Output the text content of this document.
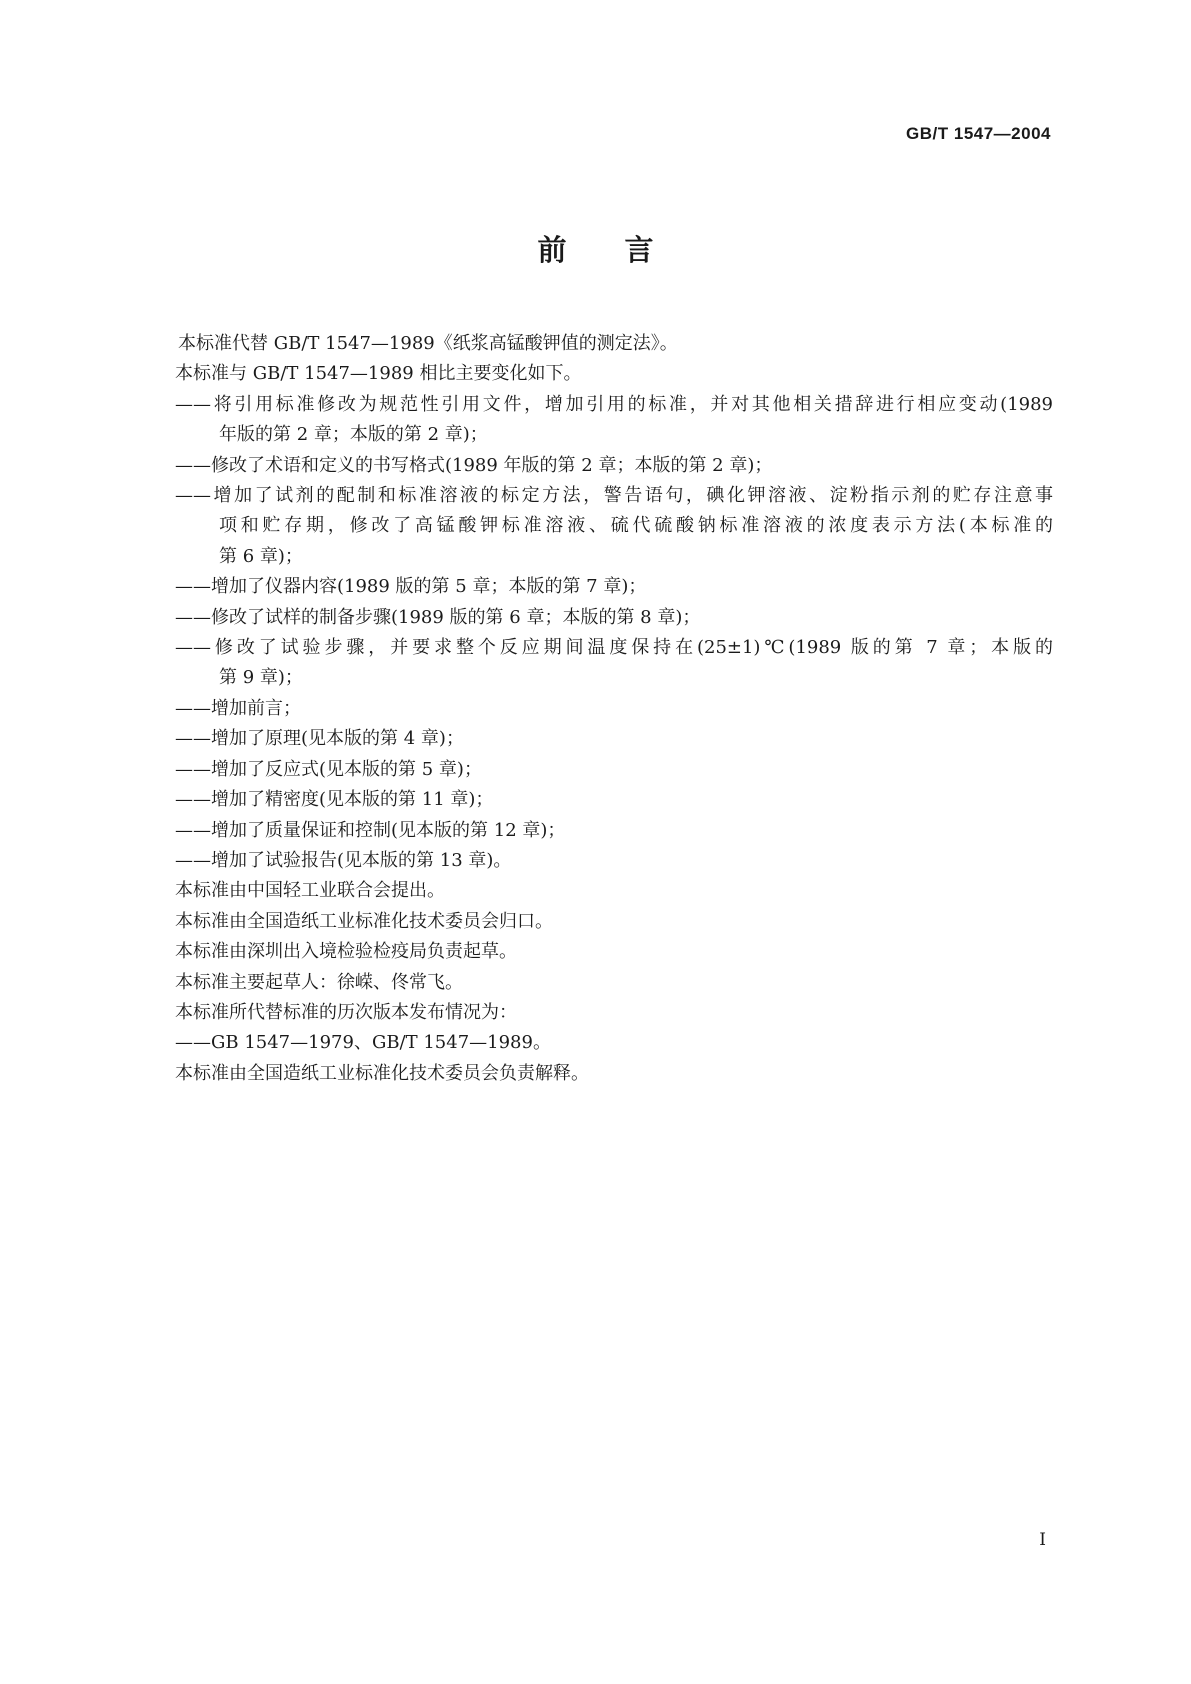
GB/T 1547—2004
前言

本标准代替 GB/T 1547—1989《纸浆高锰酸钾值的测定法》。

本标准与 GB/T 1547—1989 相比主要变化如下。

——将引用标准修改为规范性引用文件，增加引用的标准，并对其他相关措辞进行相应变动(1989
年版的第 2 章；本版的第 2 章)；
——修改了术语和定义的书写格式(1989 年版的第 2 章；本版的第 2 章)；
——增加了试剂的配制和标准溶液的标定方法，警告语句，碘化钾溶液、淀粉指示剂的贮存注意事
项和贮存期，修改了高锰酸钾标准溶液、硫代硫酸钠标准溶液的浓度表示方法(本标准的
第 6 章)；
——增加了仪器内容(1989 版的第 5 章；本版的第 7 章)；
——修改了试样的制备步骤(1989 版的第 6 章；本版的第 8 章)；
——修改了试验步骤，并要求整个反应期间温度保持在(25±1)℃(1989 版的第 7 章；本版的
第 9 章)；
——增加前言；
——增加了原理(见本版的第 4 章)；
——增加了反应式(见本版的第 5 章)；
——增加了精密度(见本版的第 11 章)；
——增加了质量保证和控制(见本版的第 12 章)；
——增加了试验报告(见本版的第 13 章)。

本标准由中国轻工业联合会提出。

本标准由全国造纸工业标准化技术委员会归口。

本标准由深圳出入境检验检疫局负责起草。

本标准主要起草人：徐嵘、佟常飞。

本标准所代替标准的历次版本发布情况为：

——GB 1547—1979、GB/T 1547—1989。

本标准由全国造纸工业标准化技术委员会负责解释。

I
